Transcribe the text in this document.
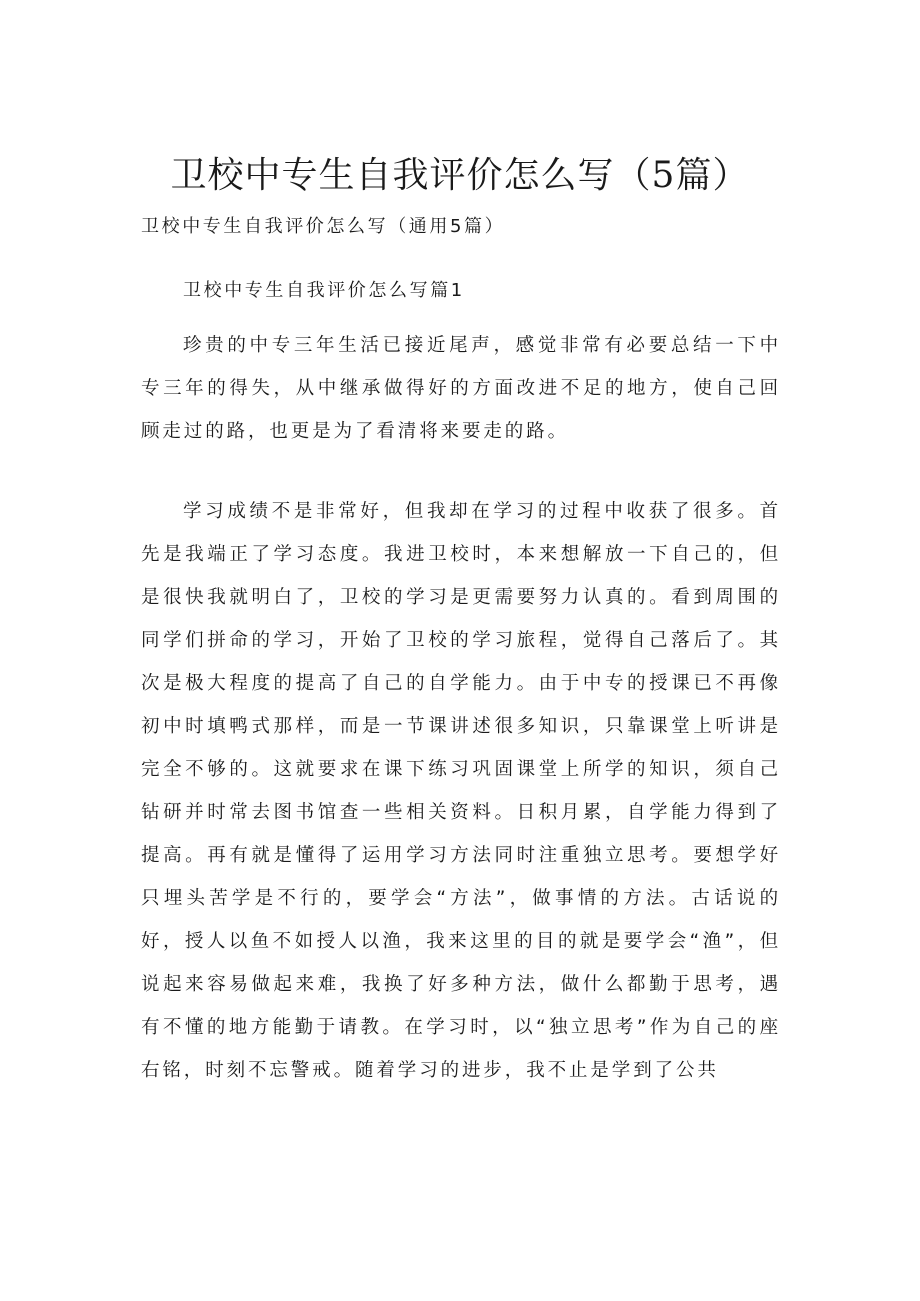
卫校中专生自我评价怎么写（5篇）

卫校中专生自我评价怎么写（通用5篇）

卫校中专生自我评价怎么写篇1

珍贵的中专三年生活已接近尾声，感觉非常有必要总结一下中专三年的得失，从中继承做得好的方面改进不足的地方，使自己回顾走过的路，也更是为了看清将来要走的路。

学习成绩不是非常好，但我却在学习的过程中收获了很多。首先是我端正了学习态度。我进卫校时，本来想解放一下自己的，但是很快我就明白了，卫校的学习是更需要努力认真的。看到周围的同学们拼命的学习，开始了卫校的学习旅程，觉得自己落后了。其次是极大程度的提高了自己的自学能力。由于中专的授课已不再像初中时填鸭式那样，而是一节课讲述很多知识，只靠课堂上听讲是完全不够的。这就要求在课下练习巩固课堂上所学的知识，须自己钻研并时常去图书馆查一些相关资料。日积月累，自学能力得到了提高。再有就是懂得了运用学习方法同时注重独立思考。要想学好只埋头苦学是不行的，要学会“方法”，做事情的方法。古话说的好，授人以鱼不如授人以渔，我来这里的目的就是要学会“渔”，但说起来容易做起来难，我换了好多种方法，做什么都勤于思考，遇有不懂的地方能勤于请教。在学习时，以“独立思考”作为自己的座右铭，时刻不忘警戒。随着学习的进步，我不止是学到了公共
